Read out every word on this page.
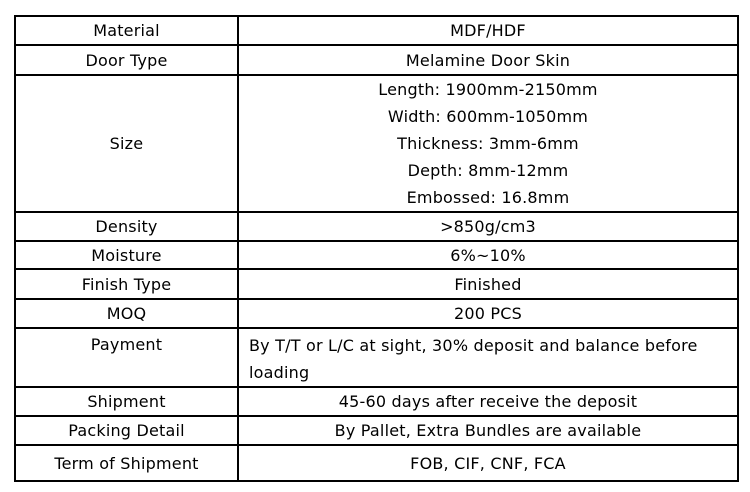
Material	MDF/HDF
Door Type	Melamine Door Skin
Size	Length: 1900mm-2150mm
Width: 600mm-1050mm
Thickness: 3mm-6mm
Depth: 8mm-12mm
Embossed: 16.8mm

Density	>850g/cm3
Moisture	6%~10%
Finish Type	Finished
MOQ	200 PCS
Payment	By T/T or L/C at sight, 30% deposit and balance before loading
Shipment	45-60 days after receive the deposit
Packing Detail	By Pallet, Extra Bundles are available
Term of Shipment	FOB, CIF, CNF, FCA
